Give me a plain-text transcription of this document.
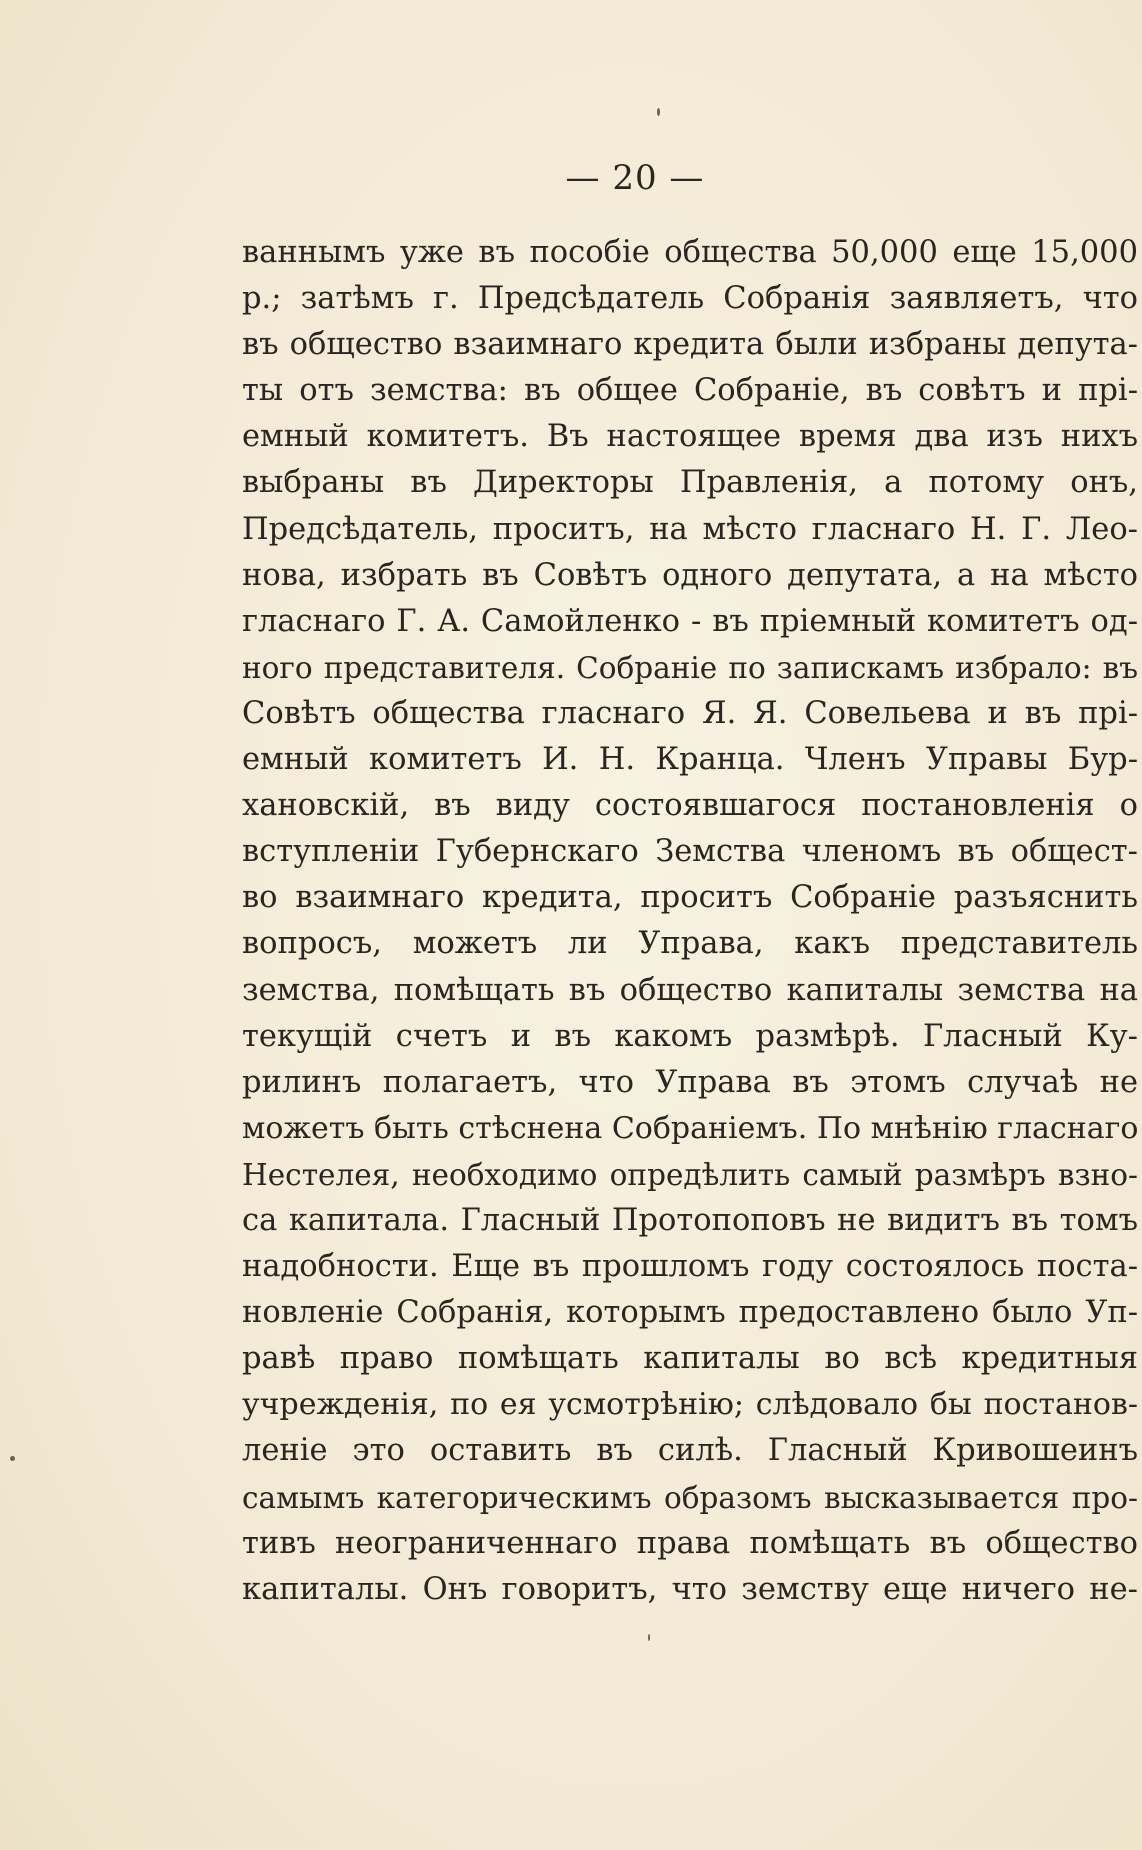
— 20 —
ваннымъ уже въ пособіе общества 50,000 еще 15,000
р.; затѣмъ г. Предсѣдатель Собранія заявляетъ, что
въ общество взаимнаго кредита были избраны депута-
ты отъ земства: въ общее Собраніе, въ совѣтъ и прі-
емный комитетъ. Въ настоящее время два изъ нихъ
выбраны въ Директоры Правленія, а потому онъ,
Предсѣдатель, проситъ, на мѣсто гласнаго Н. Г. Лео-
нова, избрать въ Совѣтъ одного депутата, а на мѣсто
гласнаго Г. А. Самойленко - въ пріемный комитетъ од-
ного представителя. Собраніе по запискамъ избрало: въ
Совѣтъ общества гласнаго Я. Я. Совельева и въ прі-
емный комитетъ И. Н. Кранца. Членъ Управы Бур-
хановскій, въ виду состоявшагося постановленія о
вступленіи Губернскаго Земства членомъ въ общест-
во взаимнаго кредита, проситъ Собраніе разъяснить
вопросъ, можетъ ли Управа, какъ представитель
земства, помѣщать въ общество капиталы земства на
текущій счетъ и въ какомъ размѣрѣ. Гласный Ку-
рилинъ полагаетъ, что Управа въ этомъ случаѣ не
можетъ быть стѣснена Собраніемъ. По мнѣнію гласнаго
Нестелея, необходимо опредѣлить самый размѣръ взно-
са капитала. Гласный Протопоповъ не видитъ въ томъ
надобности. Еще въ прошломъ году состоялось поста-
новленіе Собранія, которымъ предоставлено было Уп-
равѣ право помѣщать капиталы во всѣ кредитныя
учрежденія, по ея усмотрѣнію; слѣдовало бы постанов-
леніе это оставить въ силѣ. Гласный Кривошеинъ
самымъ категорическимъ образомъ высказывается про-
тивъ неограниченнаго права помѣщать въ общество
капиталы. Онъ говоритъ, что земству еще ничего не-
